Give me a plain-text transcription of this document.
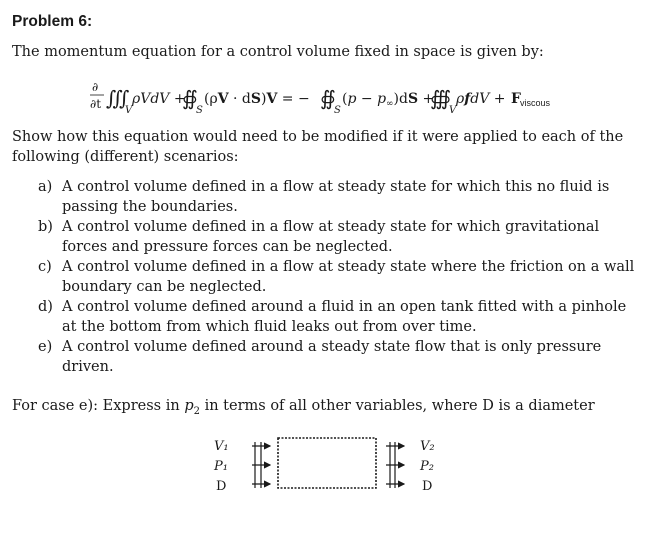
Problem 6:
The momentum equation for a control volume fixed in space is given by:
∂
∂t ∭
V
ρVdV +
∯
S
(ρV · dS)V = − ∯
S
$(p - p_\infty)dS$ +
∰
V
ρfdV + F viscous
Show how this equation would need to be modified if it were applied to each of the following (different) scenarios:
a) A control volume defined in a flow at steady state for which this no fluid is passing the boundaries.
b) A control volume defined in a flow at steady state for which gravitational forces and pressure forces can be neglected.
c) A control volume defined in a flow at steady state where the friction on a wall boundary can be neglected.
d) A control volume defined around a fluid in an open tank fitted with a pinhole at the bottom from which fluid leaks out from over time.
e) A control volume defined around a steady state flow that is only pressure driven.
For case e): Express in $p_2$ in terms of all other variables, where D is a diameter
V₁
P₁
D
V₂
P₂
D
